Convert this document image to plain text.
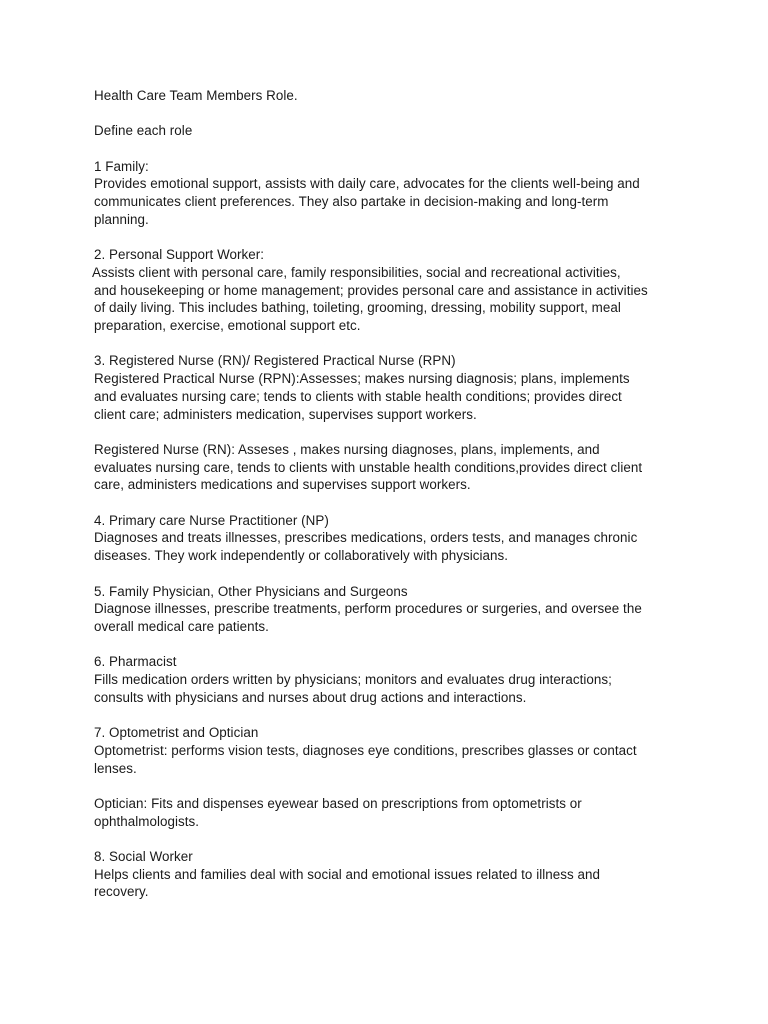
Health Care Team Members Role.
Define each role
1 Family:
Provides emotional support, assists with daily care, advocates for the clients well-being and
communicates client preferences. They also partake in decision-making and long-term
planning.
2. Personal Support Worker:
Assists client with personal care, family responsibilities, social and recreational activities,
and housekeeping or home management; provides personal care and assistance in activities
of daily living. This includes bathing, toileting, grooming, dressing, mobility support, meal
preparation, exercise, emotional support etc.
3. Registered Nurse (RN)/ Registered Practical Nurse (RPN)
Registered Practical Nurse (RPN):Assesses; makes nursing diagnosis; plans, implements
and evaluates nursing care; tends to clients with stable health conditions; provides direct
client care; administers medication, supervises support workers.
Registered Nurse (RN): Asseses , makes nursing diagnoses, plans, implements, and
evaluates nursing care, tends to clients with unstable health conditions,provides direct client
care, administers medications and supervises support workers.
4. Primary care Nurse Practitioner (NP)
Diagnoses and treats illnesses, prescribes medications, orders tests, and manages chronic
diseases. They work independently or collaboratively with physicians.
5. Family Physician, Other Physicians and Surgeons
Diagnose illnesses, prescribe treatments, perform procedures or surgeries, and oversee the
overall medical care patients.
6. Pharmacist
Fills medication orders written by physicians; monitors and evaluates drug interactions;
consults with physicians and nurses about drug actions and interactions.
7. Optometrist and Optician
Optometrist: performs vision tests, diagnoses eye conditions, prescribes glasses or contact
lenses.
Optician: Fits and dispenses eyewear based on prescriptions from optometrists or
ophthalmologists.
8. Social Worker
Helps clients and families deal with social and emotional issues related to illness and
recovery.
